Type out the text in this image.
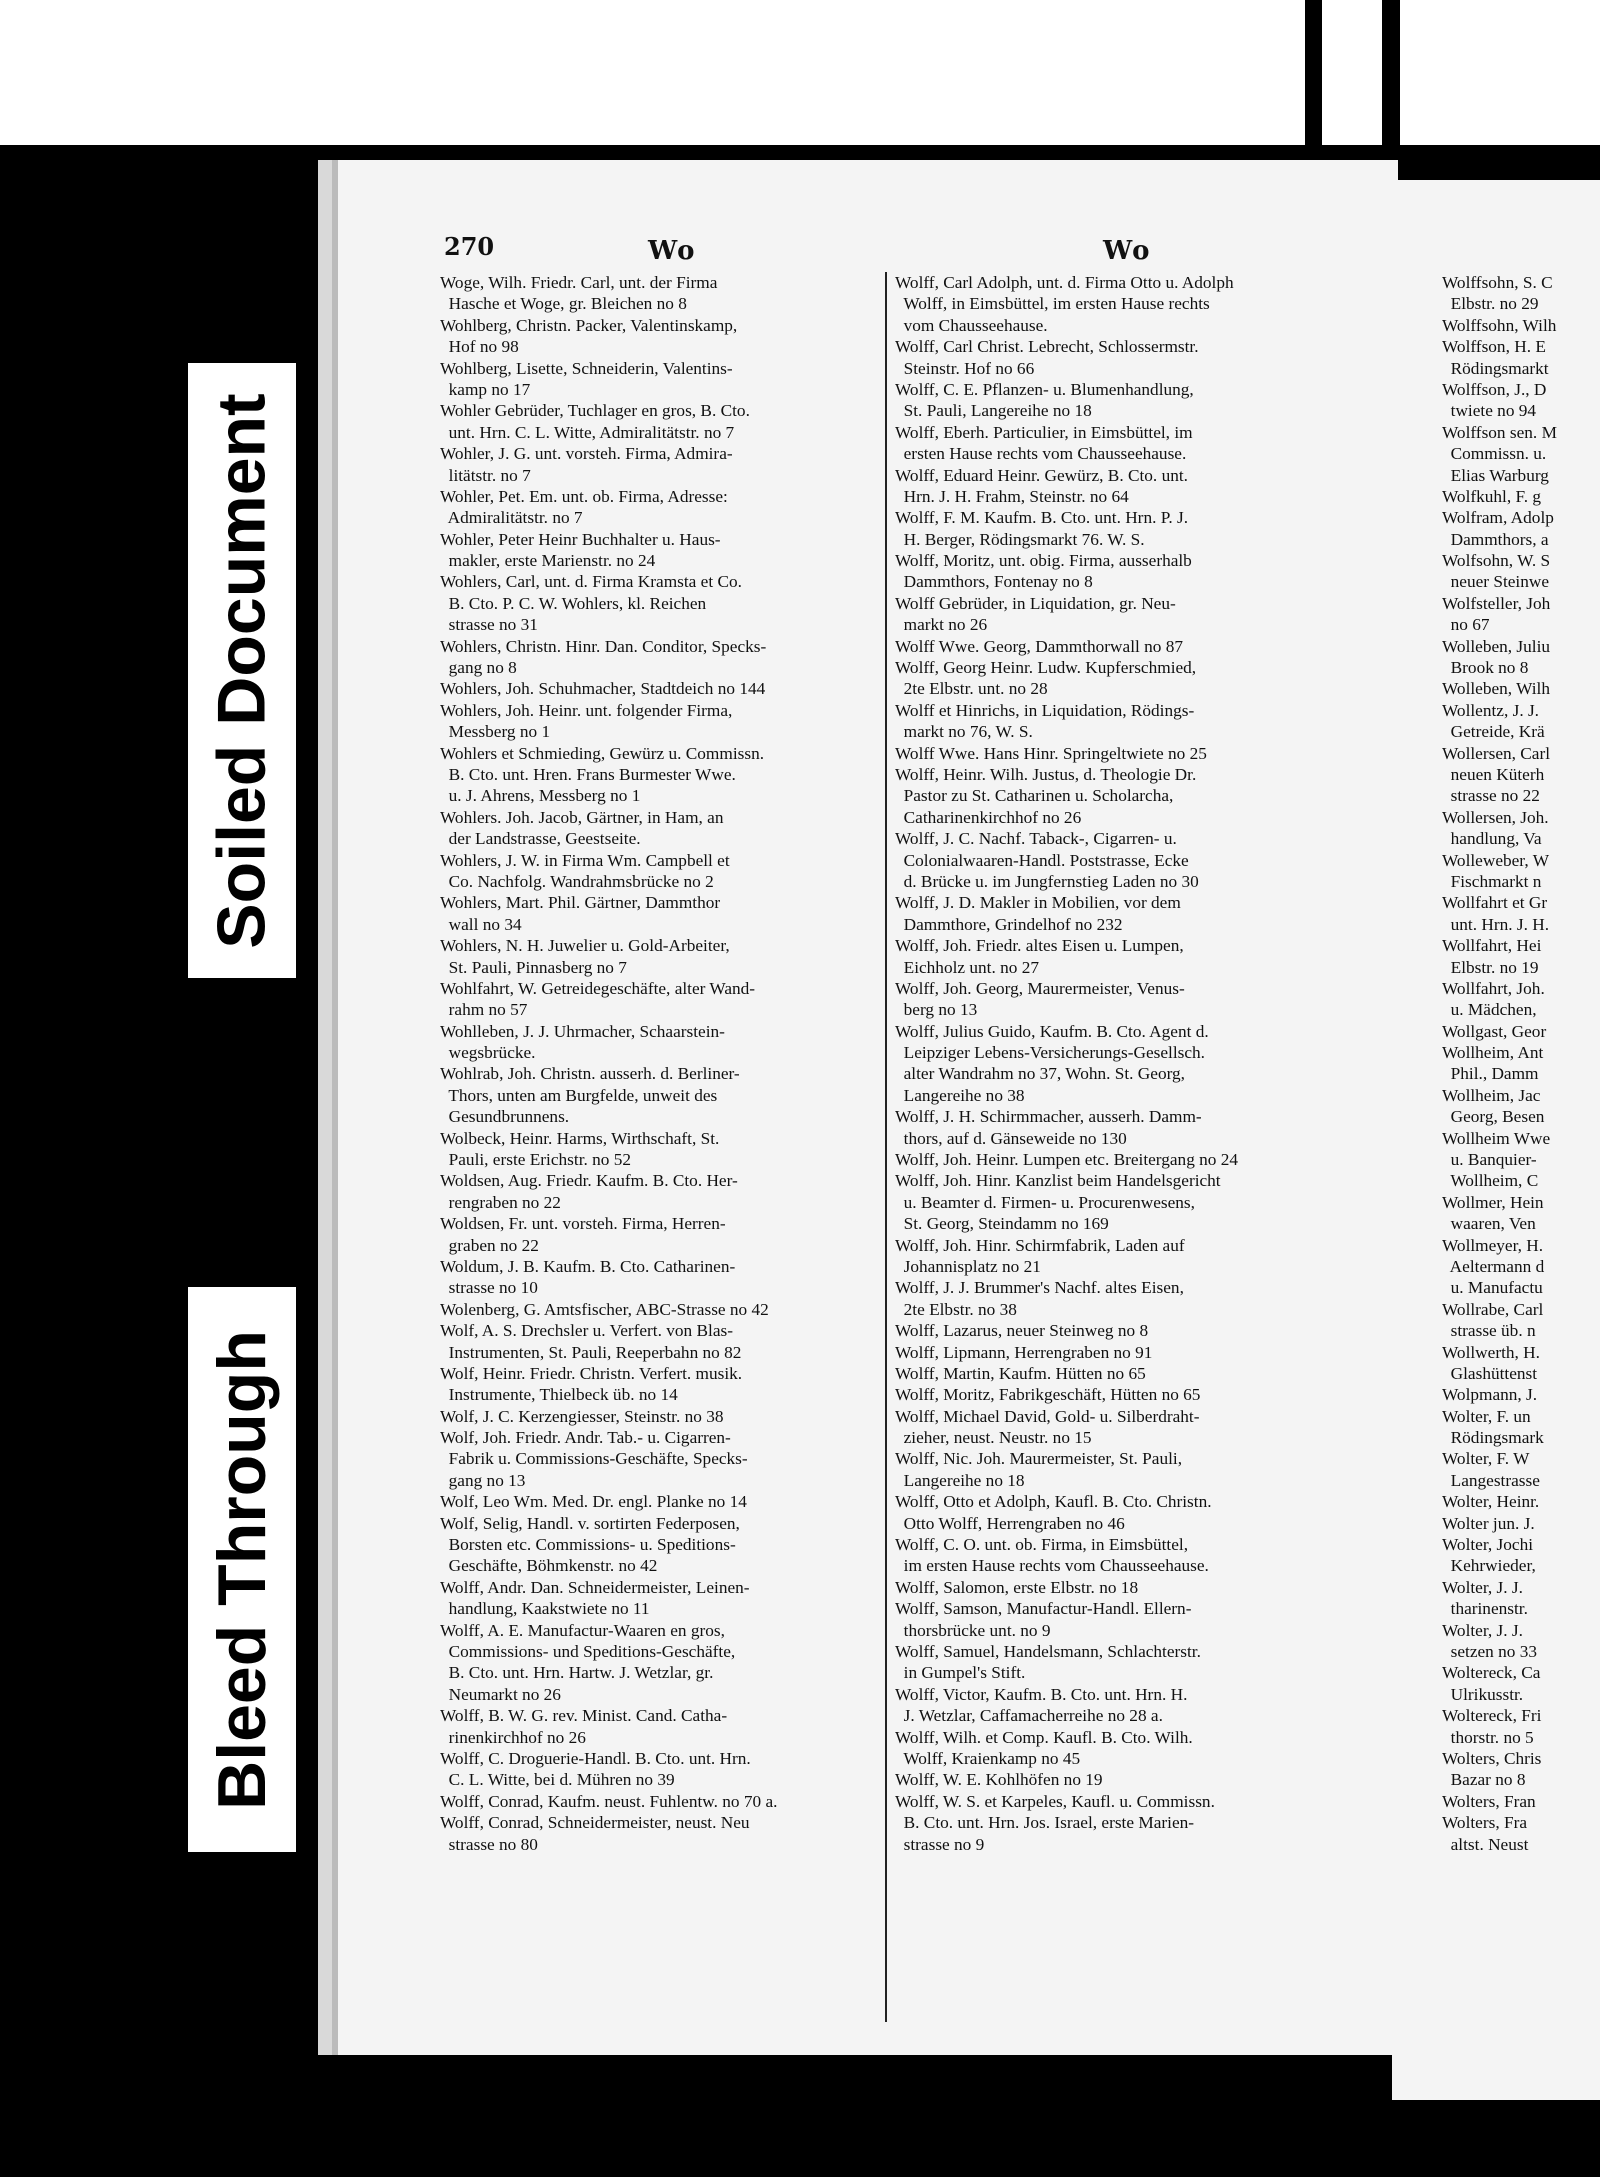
Soiled Document
Bleed Through
270	Wo	Wo
Woge, Wilh. Friedr. Carl, unt. der Firma
Hasche et Woge, gr. Bleichen no 8
Wohlberg, Christn. Packer, Valentinskamp,
Hof no 98
Wohlberg, Lisette, Schneiderin, Valentins-
kamp no 17
Wohler Gebrüder, Tuchlager en gros, B. Cto.
unt. Hrn. C. L. Witte, Admiralitätstr. no 7
Wohler, J. G. unt. vorsteh. Firma, Admira-
litätstr. no 7
Wohler, Pet. Em. unt. ob. Firma, Adresse:
Admiralitätstr. no 7
Wohler, Peter Heinr Buchhalter u. Haus-
makler, erste Marienstr. no 24
Wohlers, Carl, unt. d. Firma Kramsta et Co.
B. Cto. P. C. W. Wohlers, kl. Reichen
strasse no 31
Wohlers, Christn. Hinr. Dan. Conditor, Specks-
gang no 8
Wohlers, Joh. Schuhmacher, Stadtdeich no 144
Wohlers, Joh. Heinr. unt. folgender Firma,
Messberg no 1
Wohlers et Schmieding, Gewürz u. Commissn.
B. Cto. unt. Hren. Frans Burmester Wwe.
u. J. Ahrens, Messberg no 1
Wohlers. Joh. Jacob, Gärtner, in Ham, an
der Landstrasse, Geestseite.
Wohlers, J. W. in Firma Wm. Campbell et
Co. Nachfolg. Wandrahmsbrücke no 2
Wohlers, Mart. Phil. Gärtner, Dammthor
wall no 34
Wohlers, N. H. Juwelier u. Gold-Arbeiter,
St. Pauli, Pinnasberg no 7
Wohlfahrt, W. Getreidegeschäfte, alter Wand-
rahm no 57
Wohlleben, J. J. Uhrmacher, Schaarstein-
wegsbrücke.
Wohlrab, Joh. Christn. ausserh. d. Berliner-
Thors, unten am Burgfelde, unweit des
Gesundbrunnens.
Wolbeck, Heinr. Harms, Wirthschaft, St.
Pauli, erste Erichstr. no 52
Woldsen, Aug. Friedr. Kaufm. B. Cto. Her-
rengraben no 22
Woldsen, Fr. unt. vorsteh. Firma, Herren-
graben no 22
Woldum, J. B. Kaufm. B. Cto. Catharinen-
strasse no 10
Wolenberg, G. Amtsfischer, ABC-Strasse no 42
Wolf, A. S. Drechsler u. Verfert. von Blas-
Instrumenten, St. Pauli, Reeperbahn no 82
Wolf, Heinr. Friedr. Christn. Verfert. musik.
Instrumente, Thielbeck üb. no 14
Wolf, J. C. Kerzengiesser, Steinstr. no 38
Wolf, Joh. Friedr. Andr. Tab.- u. Cigarren-
Fabrik u. Commissions-Geschäfte, Specks-
gang no 13
Wolf, Leo Wm. Med. Dr. engl. Planke no 14
Wolf, Selig, Handl. v. sortirten Federposen,
Borsten etc. Commissions- u. Speditions-
Geschäfte, Böhmkenstr. no 42
Wolff, Andr. Dan. Schneidermeister, Leinen-
handlung, Kaakstwiete no 11
Wolff, A. E. Manufactur-Waaren en gros,
Commissions- und Speditions-Geschäfte,
B. Cto. unt. Hrn. Hartw. J. Wetzlar, gr.
Neumarkt no 26
Wolff, B. W. G. rev. Minist. Cand. Catha-
rinenkirchhof no 26
Wolff, C. Droguerie-Handl. B. Cto. unt. Hrn.
C. L. Witte, bei d. Mühren no 39
Wolff, Conrad, Kaufm. neust. Fuhlentw. no 70 a.
Wolff, Conrad, Schneidermeister, neust. Neu
strasse no 80
Wolff, Carl Adolph, unt. d. Firma Otto u. Adolph
Wolff, in Eimsbüttel, im ersten Hause rechts
vom Chausseehause.
Wolff, Carl Christ. Lebrecht, Schlossermstr.
Steinstr. Hof no 66
Wolff, C. E. Pflanzen- u. Blumenhandlung,
St. Pauli, Langereihe no 18
Wolff, Eberh. Particulier, in Eimsbüttel, im
ersten Hause rechts vom Chausseehause.
Wolff, Eduard Heinr. Gewürz, B. Cto. unt.
Hrn. J. H. Frahm, Steinstr. no 64
Wolff, F. M. Kaufm. B. Cto. unt. Hrn. P. J.
H. Berger, Rödingsmarkt 76. W. S.
Wolff, Moritz, unt. obig. Firma, ausserhalb
Dammthors, Fontenay no 8
Wolff Gebrüder, in Liquidation, gr. Neu-
markt no 26
Wolff Wwe. Georg, Dammthorwall no 87
Wolff, Georg Heinr. Ludw. Kupferschmied,
2te Elbstr. unt. no 28
Wolff et Hinrichs, in Liquidation, Rödings-
markt no 76, W. S.
Wolff Wwe. Hans Hinr. Springeltwiete no 25
Wolff, Heinr. Wilh. Justus, d. Theologie Dr.
Pastor zu St. Catharinen u. Scholarcha,
Catharinenkirchhof no 26
Wolff, J. C. Nachf. Taback-, Cigarren- u.
Colonialwaaren-Handl. Poststrasse, Ecke
d. Brücke u. im Jungfernstieg Laden no 30
Wolff, J. D. Makler in Mobilien, vor dem
Dammthore, Grindelhof no 232
Wolff, Joh. Friedr. altes Eisen u. Lumpen,
Eichholz unt. no 27
Wolff, Joh. Georg, Maurermeister, Venus-
berg no 13
Wolff, Julius Guido, Kaufm. B. Cto. Agent d.
Leipziger Lebens-Versicherungs-Gesellsch.
alter Wandrahm no 37, Wohn. St. Georg,
Langereihe no 38
Wolff, J. H. Schirmmacher, ausserh. Damm-
thors, auf d. Gänseweide no 130
Wolff, Joh. Heinr. Lumpen etc. Breitergang no 24
Wolff, Joh. Hinr. Kanzlist beim Handelsgericht
u. Beamter d. Firmen- u. Procurenwesens,
St. Georg, Steindamm no 169
Wolff, Joh. Hinr. Schirmfabrik, Laden auf
Johannisplatz no 21
Wolff, J. J. Brummer's Nachf. altes Eisen,
2te Elbstr. no 38
Wolff, Lazarus, neuer Steinweg no 8
Wolff, Lipmann, Herrengraben no 91
Wolff, Martin, Kaufm. Hütten no 65
Wolff, Moritz, Fabrikgeschäft, Hütten no 65
Wolff, Michael David, Gold- u. Silberdraht-
zieher, neust. Neustr. no 15
Wolff, Nic. Joh. Maurermeister, St. Pauli,
Langereihe no 18
Wolff, Otto et Adolph, Kaufl. B. Cto. Christn.
Otto Wolff, Herrengraben no 46
Wolff, C. O. unt. ob. Firma, in Eimsbüttel,
im ersten Hause rechts vom Chausseehause.
Wolff, Salomon, erste Elbstr. no 18
Wolff, Samson, Manufactur-Handl. Ellern-
thorsbrücke unt. no 9
Wolff, Samuel, Handelsmann, Schlachterstr.
in Gumpel's Stift.
Wolff, Victor, Kaufm. B. Cto. unt. Hrn. H.
J. Wetzlar, Caffamacherreihe no 28 a.
Wolff, Wilh. et Comp. Kaufl. B. Cto. Wilh.
Wolff, Kraienkamp no 45
Wolff, W. E. Kohlhöfen no 19
Wolff, W. S. et Karpeles, Kaufl. u. Commissn.
B. Cto. unt. Hrn. Jos. Israel, erste Marien-
strasse no 9
Wolffsohn, S. C
Elbstr. no 29
Wolffsohn, Wilh
Wolffson, H. E
Rödingsmarkt
Wolffson, J., D
twiete no 94
Wolffson sen. M
Commissn. u.
Elias Warburg
Wolfkuhl, F. g
Wolfram, Adolp
Dammthors, a
Wolfsohn, W. S
neuer Steinwe
Wolfsteller, Joh
no 67
Wolleben, Juliu
Brook no 8
Wolleben, Wilh
Wollentz, J. J.
Getreide, Krä
Wollersen, Carl
neuen Küterh
strasse no 22
Wollersen, Joh.
handlung, Va
Wolleweber, W
Fischmarkt n
Wollfahrt et Gr
unt. Hrn. J. H.
Wollfahrt, Hei
Elbstr. no 19
Wollfahrt, Joh.
u. Mädchen,
Wollgast, Geor
Wollheim, Ant
Phil., Damm
Wollheim, Jac
Georg, Besen
Wollheim Wwe
u. Banquier-
Wollheim, C
Wollmer, Hein
waaren, Ven
Wollmeyer, H.
Aeltermann d
u. Manufactu
Wollrabe, Carl
strasse üb. n
Wollwerth, H.
Glashüttenst
Wolpmann, J.
Wolter, F. un
Rödingsmark
Wolter, F. W
Langestrasse
Wolter, Heinr.
Wolter jun. J.
Wolter, Jochi
Kehrwieder,
Wolter, J. J.
tharinenstr.
Wolter, J. J.
setzen no 33
Woltereck, Ca
Ulrikusstr.
Woltereck, Fri
thorstr. no 5
Wolters, Chris
Bazar no 8
Wolters, Fran
Wolters, Fra
altst. Neust
